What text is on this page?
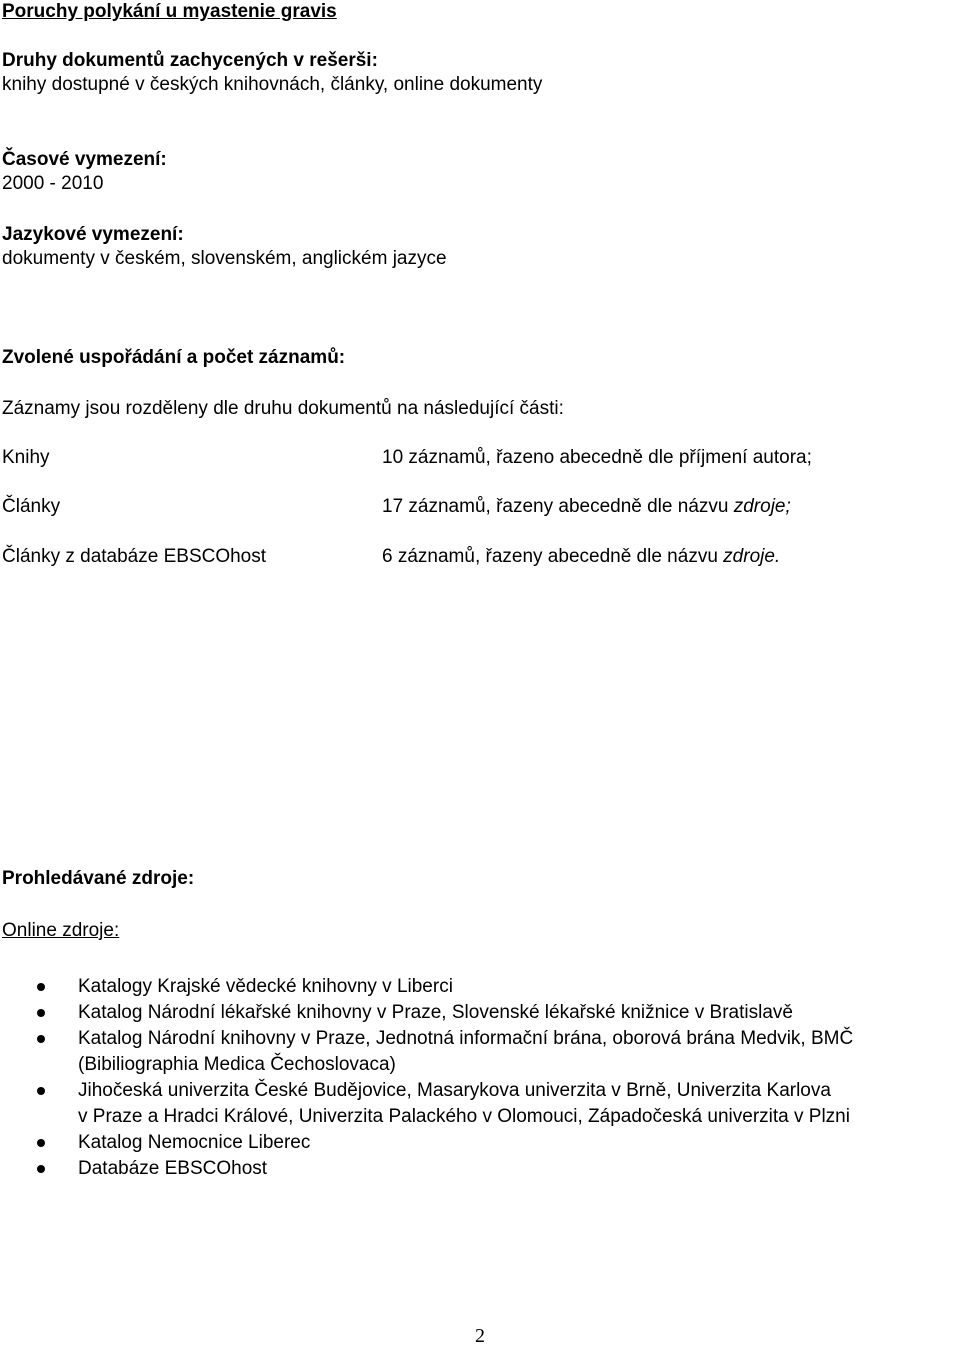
Poruchy polykání u myastenie gravis
Druhy dokumentů zachycených v rešerši:
knihy dostupné v českých knihovnách, články, online dokumenty
Časové vymezení:
2000 - 2010
Jazykové vymezení:
dokumenty v českém, slovenském, anglickém jazyce
Zvolené uspořádání a počet záznamů:
Záznamy jsou rozděleny dle druhu dokumentů na následující části:
Knihy	10 záznamů, řazeno abecedně dle příjmení autora;
Články	17 záznamů, řazeny abecedně dle názvu zdroje;
Články z databáze EBSCOhost	6 záznamů, řazeny abecedně dle názvu zdroje.
Prohledávané zdroje:
Online zdroje:
Katalogy Krajské vědecké knihovny v Liberci
Katalog Národní lékařské knihovny v Praze, Slovenské lékařské knižnice v Bratislavě
Katalog Národní knihovny v Praze, Jednotná informační brána, oborová brána Medvik, BMČ
(Bibiliographia Medica Čechoslovaca)
Jihočeská univerzita České Budějovice, Masarykova univerzita v Brně, Univerzita Karlova
v Praze a Hradci Králové, Univerzita Palackého v Olomouci, Západočeská univerzita v Plzni
Katalog Nemocnice Liberec
Databáze EBSCOhost
2
